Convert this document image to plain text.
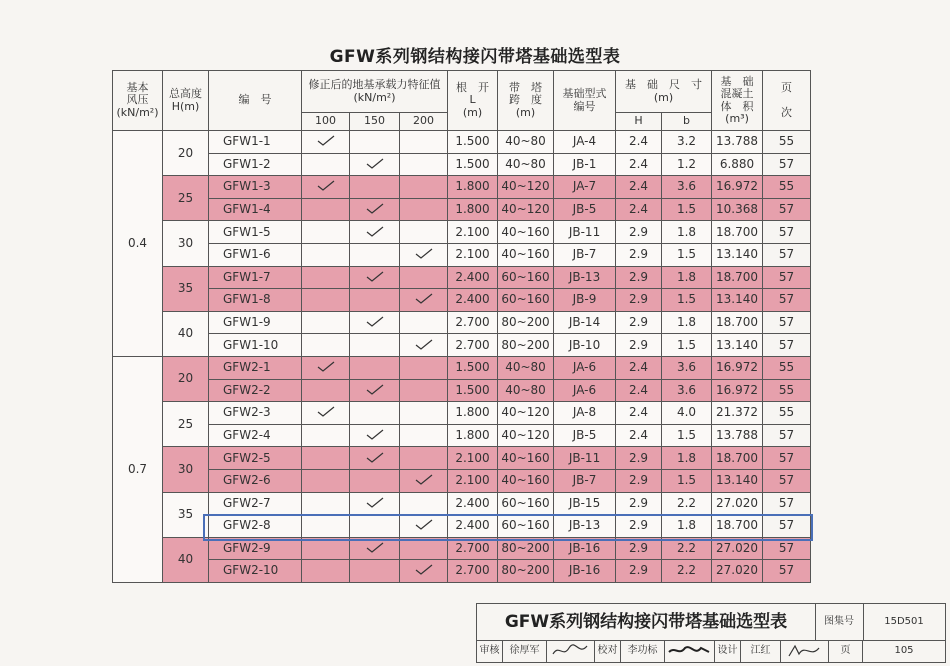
GFW系列钢结构接闪带塔基础选型表
基本
风压
(kN/m²)	总高度
H(m)	编　号	修正后的地基承载力特征值
(kN/m²)			根　开
L
(m)	带　塔
跨　度
(m)	基础型式
编号	基　础　尺　寸
(m)		基　础
混凝土
体　积
(m³)	页

次
			100	150	200				H	b		
0.4	20	GFW1-1				1.500	40~80	JA-4	2.4	3.2	13.788	55
		GFW1-2				1.500	40~80	JB-1	2.4	1.2	6.880	57
	25	GFW1-3				1.800	40~120	JA-7	2.4	3.6	16.972	55
		GFW1-4				1.800	40~120	JB-5	2.4	1.5	10.368	57
	30	GFW1-5				2.100	40~160	JB-11	2.9	1.8	18.700	57
		GFW1-6				2.100	40~160	JB-7	2.9	1.5	13.140	57
	35	GFW1-7				2.400	60~160	JB-13	2.9	1.8	18.700	57
		GFW1-8				2.400	60~160	JB-9	2.9	1.5	13.140	57
	40	GFW1-9				2.700	80~200	JB-14	2.9	1.8	18.700	57
		GFW1-10				2.700	80~200	JB-10	2.9	1.5	13.140	57
0.7	20	GFW2-1				1.500	40~80	JA-6	2.4	3.6	16.972	55
		GFW2-2				1.500	40~80	JA-6	2.4	3.6	16.972	55
	25	GFW2-3				1.800	40~120	JA-8	2.4	4.0	21.372	55
		GFW2-4				1.800	40~120	JB-5	2.4	1.5	13.788	57
	30	GFW2-5				2.100	40~160	JB-11	2.9	1.8	18.700	57
		GFW2-6				2.100	40~160	JB-7	2.9	1.5	13.140	57
	35	GFW2-7				2.400	60~160	JB-15	2.9	2.2	27.020	57
		GFW2-8				2.400	60~160	JB-13	2.9	1.8	18.700	57
	40	GFW2-9				2.700	80~200	JB-16	2.9	2.2	27.020	57
		GFW2-10				2.700	80~200	JB-16	2.9	2.2	27.020	57
GFW系列钢结构接闪带塔基础选型表	图集号	15D501
审核	徐厚军	校对	李功标	设计	江红	页	105
